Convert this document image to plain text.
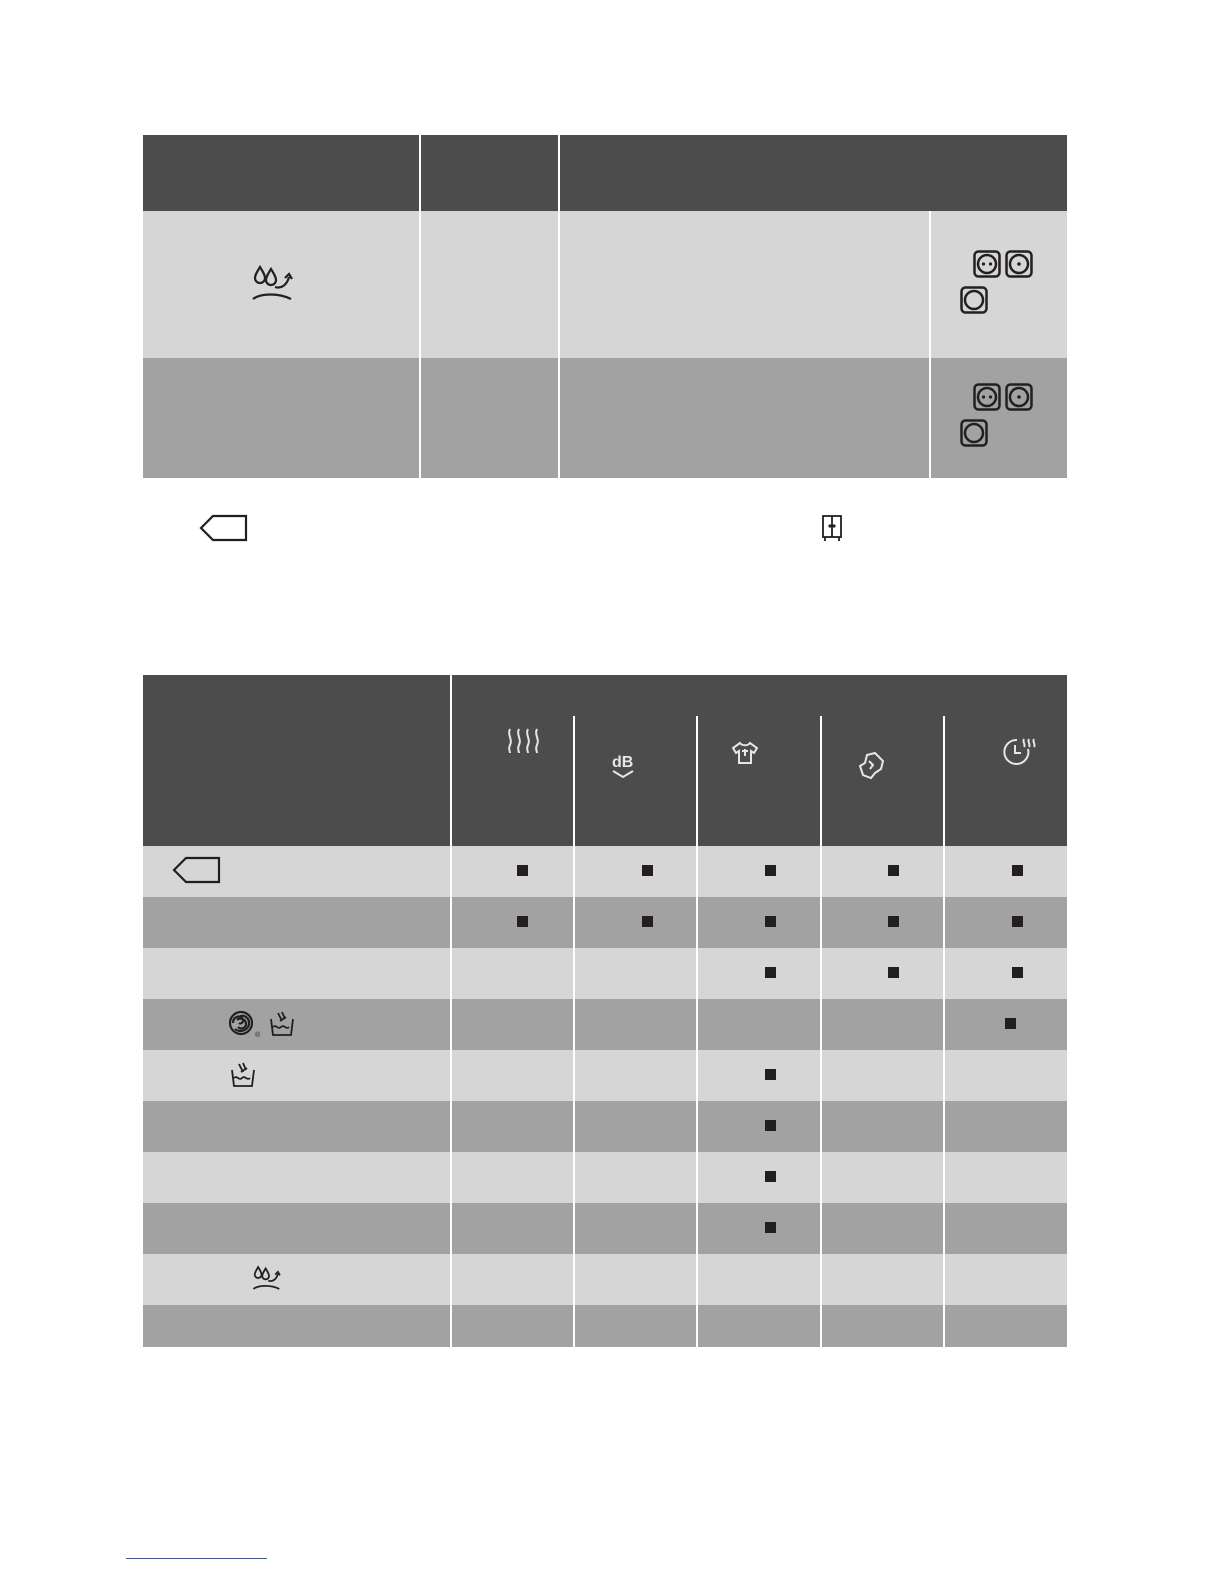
dB
®
